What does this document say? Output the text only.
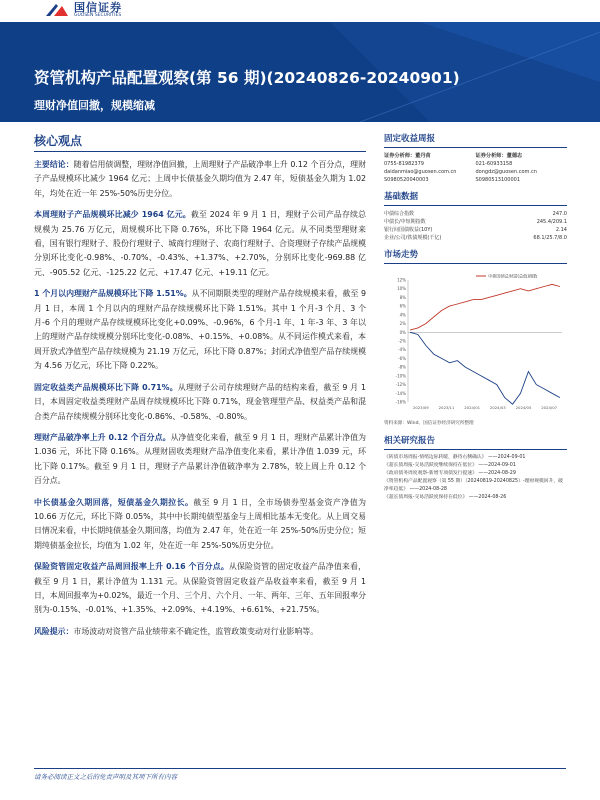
国信证券
GUOSEN SECURITIES
资管机构产品配置观察(第 56 期)(20240826-20240901)
理财净值回撤，规模缩减
核心观点
主要结论：随着信用债调整，理财净值回撤，上周理财子产品破净率上升 0.12 个百分点，理财子产品规模环比减少 1964 亿元；上周中长债基金久期均值为 2.47 年，短债基金久期为 1.02 年，均处在近一年 25%-50%历史分位。
本周理财子产品规模环比减少 1964 亿元。截至 2024 年 9 月 1 日，理财子公司产品存续总规模为 25.76 万亿元，周规模环比下降 0.76%，环比下降 1964 亿元。从不同类型理财来看，国有银行理财子、股份行理财子、城商行理财子、农商行理财子、合资理财子存续产品规模分别环比变化-0.98%、-0.70%、-0.43%、+1.37%、+2.70%，分别环比变化-969.88 亿元、-905.52 亿元、-125.22 亿元、+17.47 亿元、+19.11 亿元。
1 个月以内理财产品规模环比下降 1.51%。从不同期限类型的理财产品存续规模来看，截至 9 月 1 日，本周 1 个月以内的理财产品存续规模环比下降 1.51%。其中 1 个月-3 个月、3 个月-6 个月的理财产品存续规模环比变化+0.09%、-0.96%，6 个月-1 年、1 年-3 年、3 年以上的理财产品存续规模分别环比变化-0.08%、+0.15%、+0.08%。从不同运作模式来看，本周开放式净值型产品存续规模为 21.19 万亿元，环比下降 0.87%；封闭式净值型产品存续规模为 4.56 万亿元，环比下降 0.22%。
固定收益类产品规模环比下降 0.71%。从理财子公司存续理财产品的结构来看，截至 9 月 1 日，本周固定收益类理财产品周存续规模环比下降 0.71%，现金管理型产品、权益类产品和混合类产品存续规模分别环比变化-0.86%、-0.58%、-0.80%。
理财产品破净率上升 0.12 个百分点。从净值变化来看，截至 9 月 1 日，理财产品累计净值为 1.036 元，环比下降 0.16%。从理财固收类理财产品净值变化来看，累计净值 1.039 元，环比下降 0.17%。截至 9 月 1 日，理财子产品累计净值破净率为 2.78%，较上周上升 0.12 个百分点。
中长债基金久期回落，短债基金久期拉长。截至 9 月 1 日，全市场债券型基金资产净值为 10.66 万亿元，环比下降 0.05%，其中中长期纯债型基金与上周相比基本无变化。从上周交易日情况来看，中长期纯债基金久期回落，均值为 2.47 年，处在近一年 25%-50%历史分位；短期纯债基金拉长，均值为 1.02 年，处在近一年 25%-50%历史分位。
保险资管固定收益产品周回报率上升 0.16 个百分点。从保险资管的固定收益产品净值来看，截至 9 月 1 日，累计净值为 1.131 元。从保险资管固定收益产品收益率来看，截至 9 月 1 日，本周回报率为+0.02%，最近一个月、三个月、六个月、一年、两年、三年、五年回报率分别为-0.15%、-0.01%、+1.35%、+2.09%、+4.19%、+6.61%、+21.75%。
风险提示：市场波动对资管产品业绩带来不确定性，监管政策变动对行业影响等。
固定收益周报
证券分析师：董丹苗
0755-81982379
daidanmiao@guosen.com.cn
S0980520040003
证券分析师：董德志
021-60933158
dongdz@guosen.com.cn
S0980513100001
基础数据
中债综合指数	247.0
中债长/中短期指数	245.4/209.1
银行间国债收益(10Y)	2.14
企业/公司/铁债规模(千亿)	68.1/25.7/8.0
市场走势
12%
10%
8%
6%
4%
2%
0%
-2%
-4%
-6%
-8%
-10%
-12%
-14%
-16%
2023/09	2023/11	2024/01	2024/03	2024/05	2024/07
中债国债总财富(总值)指数
资料来源：Wind、国信证券经济研究所整理
相关研究报告
《转债市场周报-情绪边际转暖，静待右侧确认》 ——2024-09-01
《超长债周报-交易活跃度继续保持在低位》 ——2024-09-01
《政府债务周度观察-新增专项债发行提速》 ——2024-08-29
《资管机构产品配置观察（第 55 期）（20240819-20240825）-理财规模回升，破净率趋低》 ——2024-08-28
《超长债周报-交易活跃度保持在低位》 ——2024-08-26
请务必阅读正文之后的免责声明及其项下所有内容
